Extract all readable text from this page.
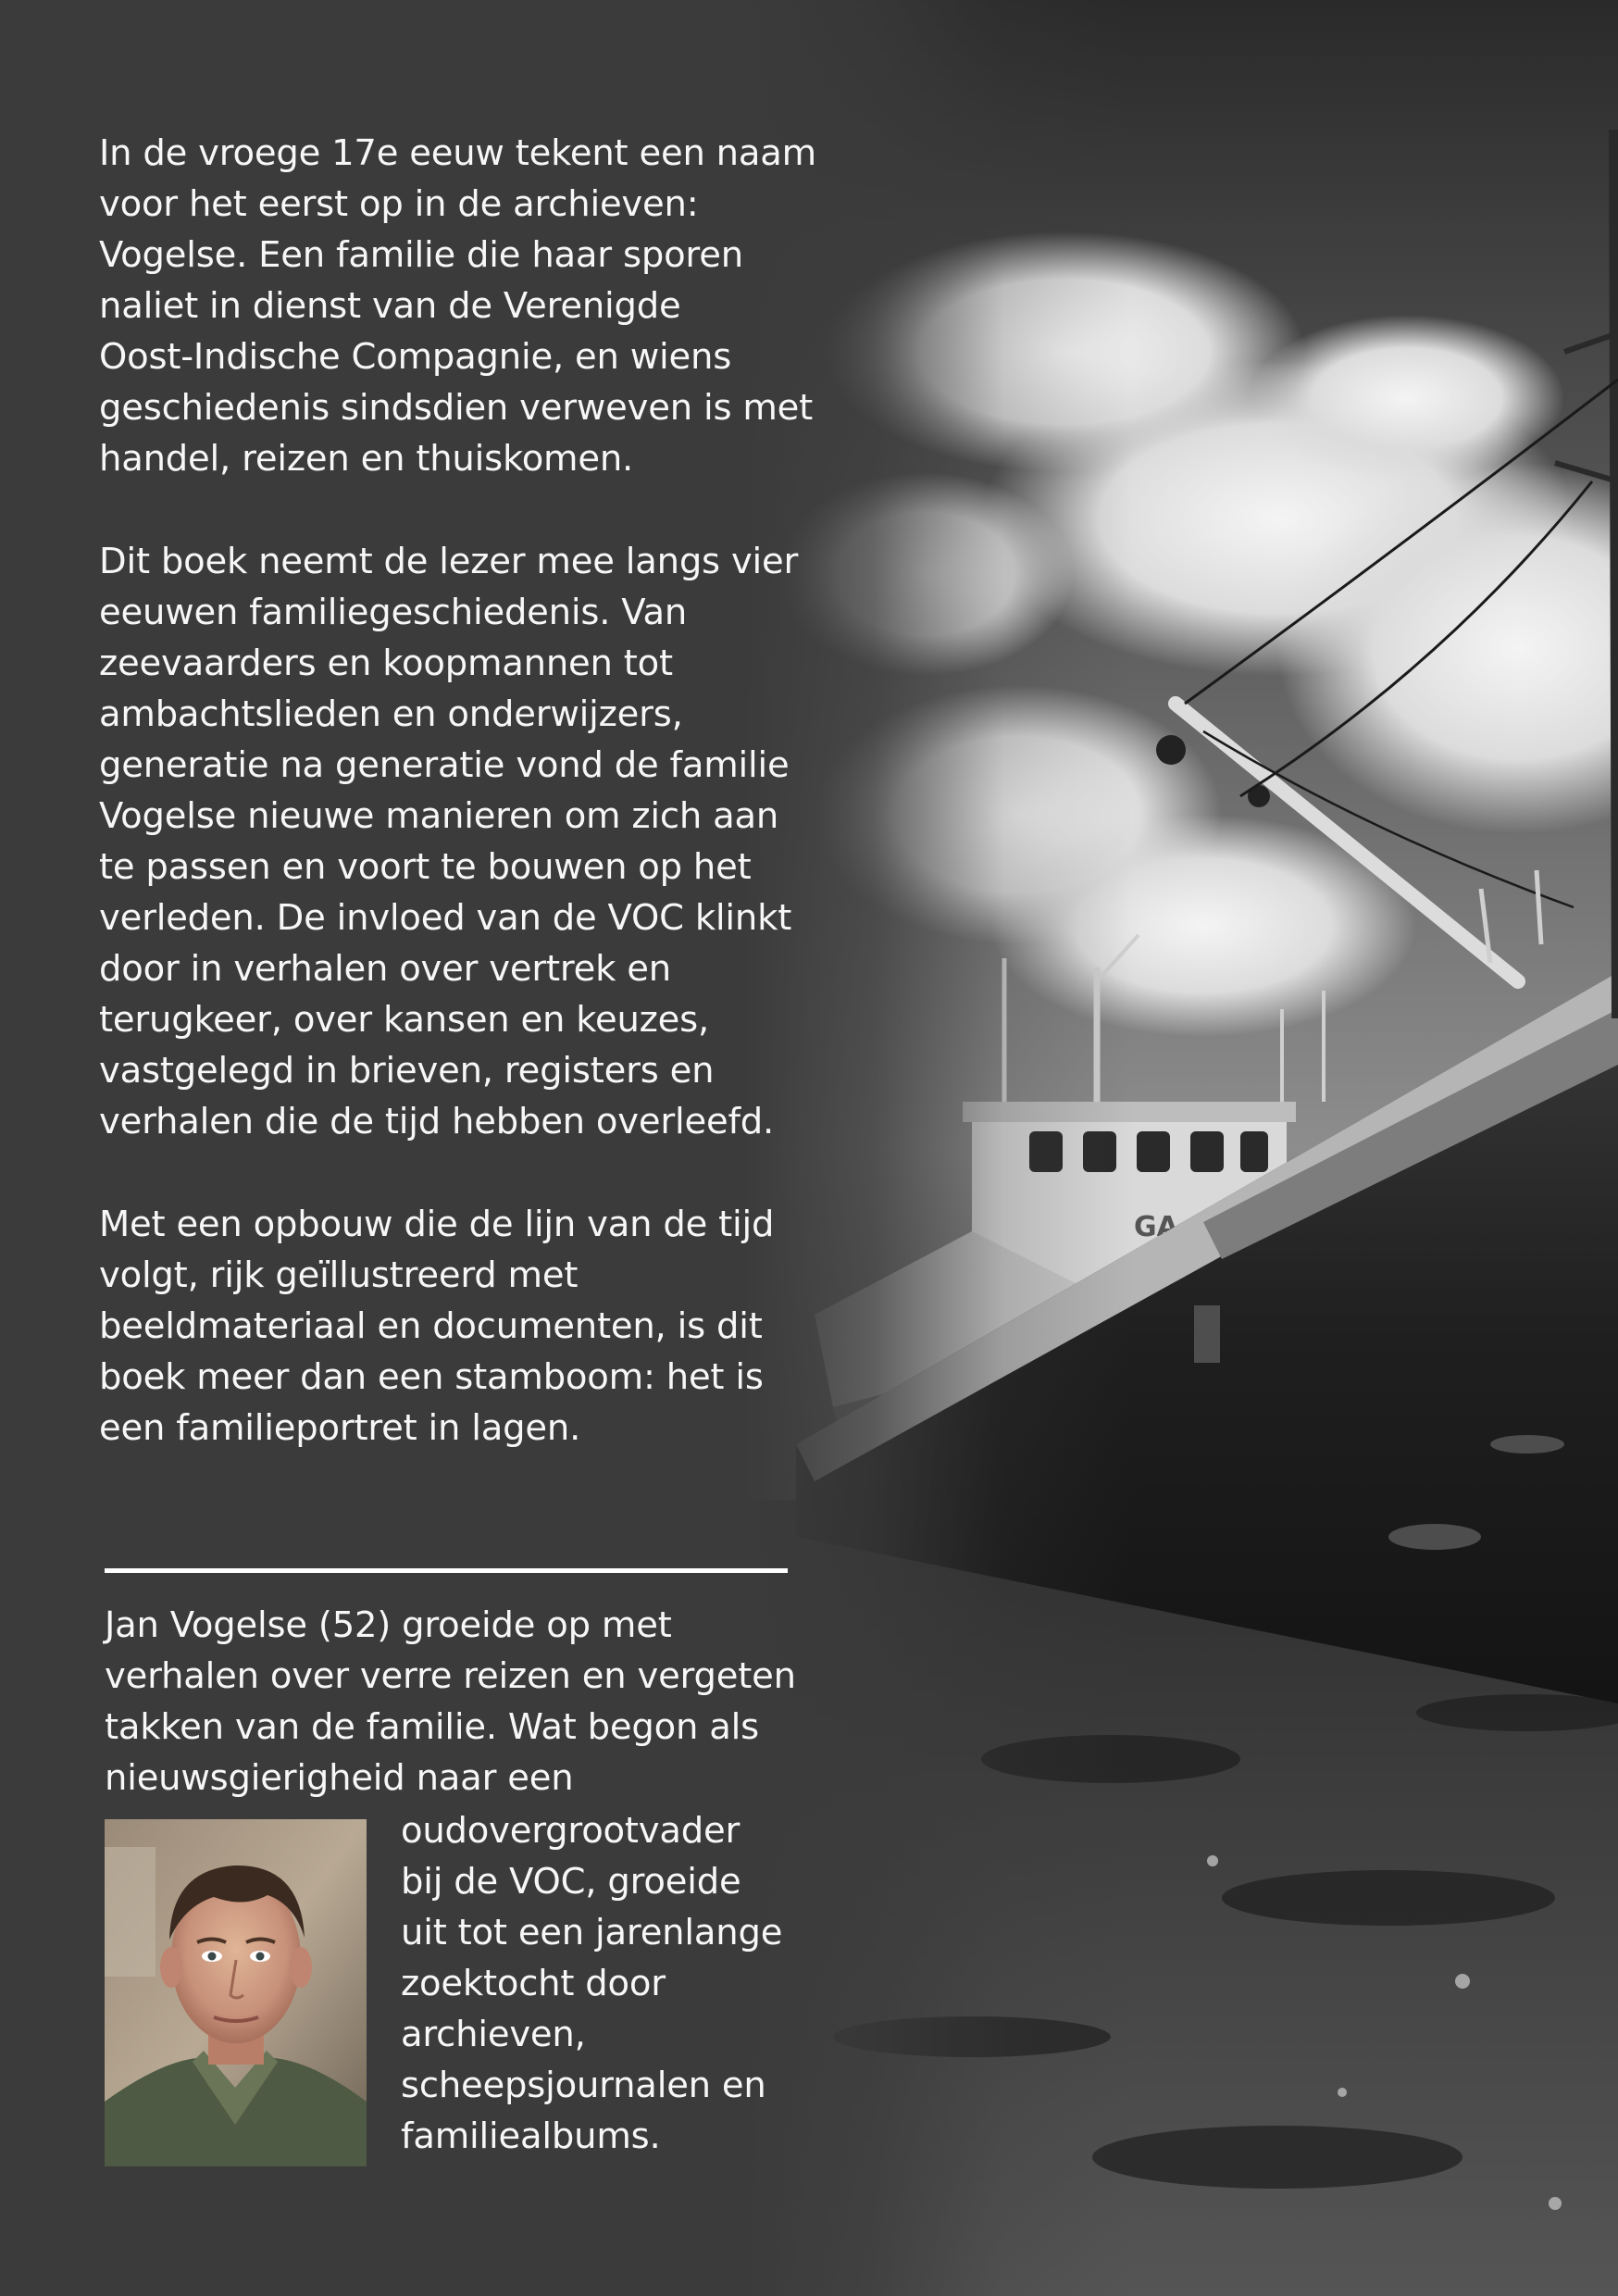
In de vroege 17e eeuw tekent een naam
voor het eerst op in de archieven:
Vogelse. Een familie die haar sporen
naliet in dienst van de Verenigde
Oost-Indische Compagnie, en wiens
geschiedenis sindsdien verweven is met
handel, reizen en thuiskomen.

Dit boek neemt de lezer mee langs vier
eeuwen familiegeschiedenis. Van
zeevaarders en koopmannen tot
ambachtslieden en onderwijzers,
generatie na generatie vond de familie
Vogelse nieuwe manieren om zich aan
te passen en voort te bouwen op het
verleden. De invloed van de VOC klinkt
door in verhalen over vertrek en
terugkeer, over kansen en keuzes,
vastgelegd in brieven, registers en
verhalen die de tijd hebben overleefd.

Met een opbouw die de lijn van de tijd
volgt, rijk geïllustreerd met
beeldmateriaal en documenten, is dit
boek meer dan een stamboom: het is
een familieportret in lagen.

Jan Vogelse (52) groeide op met
verhalen over verre reizen en vergeten
takken van de familie. Wat begon als
nieuwsgierigheid naar een

oudovergrootvader
bij de VOC, groeide
uit tot een jarenlange
zoektocht door
archieven,
scheepsjournalen en
familiealbums.
